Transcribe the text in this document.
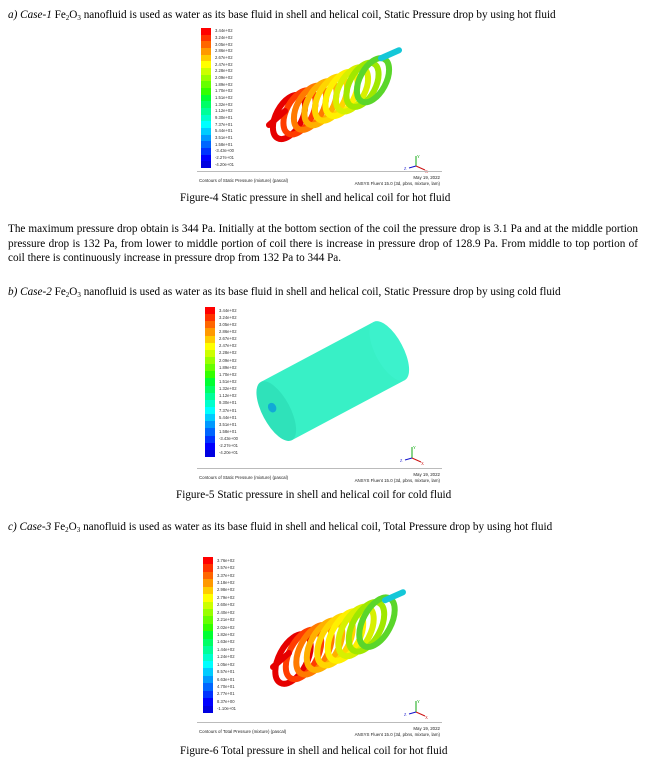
a) Case-1 $Fe_2O_3$ nanofluid is used as water as its base fluid in shell and helical coil, Static Pressure drop by using hot fluid
3.44e+02
3.24e+02
3.05e+02
2.86e+02
2.67e+02
2.47e+02
2.28e+02
2.09e+02
1.89e+02
1.70e+02
1.51e+02
1.32e+02
1.12e+02
9.30e+01
7.37e+01
5.44e+01
3.51e+01
1.58e+01
-3.43e+00
-2.27e+01
-4.20e+01
Y
X
Z
Contours of Static Pressure (mixture) (pascal)
May 19, 2022
ANSYS Fluent 15.0 (3d, pbns, mixture, lam)
Figure-4 Static pressure in shell and helical coil for hot fluid
The maximum pressure drop obtain is 344 Pa. Initially at the bottom section of the coil the pressure drop is 3.1 Pa and at the middle portion pressure drop is 132 Pa, from lower to middle portion of coil there is increase in pressure drop of 128.9 Pa. From middle to top portion of coil there is continuously increase in pressure drop from 132 Pa to 344 Pa.
b) Case-2 $Fe_2O_3$ nanofluid is used as water as its base fluid in shell and helical coil, Static Pressure drop by using cold fluid
3.44e+02
3.24e+02
3.05e+02
2.86e+02
2.67e+02
2.47e+02
2.28e+02
2.09e+02
1.89e+02
1.70e+02
1.51e+02
1.32e+02
1.12e+02
9.30e+01
7.37e+01
5.44e+01
3.51e+01
1.58e+01
-3.43e+00
-2.27e+01
-4.20e+01
Y
X
Z
Contours of Static Pressure (mixture) (pascal)
May 19, 2022
ANSYS Fluent 15.0 (3d, pbns, mixture, lam)
Figure-5 Static pressure in shell and helical coil for cold fluid
c) Case-3 $Fe_2O_3$ nanofluid is used as water as its base fluid in shell and helical coil, Total Pressure drop by using hot fluid
3.76e+02
3.57e+02
3.37e+02
3.18e+02
2.98e+02
2.79e+02
2.60e+02
2.40e+02
2.21e+02
2.02e+02
1.82e+02
1.63e+02
1.44e+02
1.24e+02
1.05e+02
8.57e+01
6.63e+01
4.70e+01
2.77e+01
8.37e+00
-1.10e+01
Y
X
Z
Contours of Total Pressure (mixture) (pascal)
May 19, 2022
ANSYS Fluent 15.0 (3d, pbns, mixture, lam)
Figure-6 Total pressure in shell and helical coil for hot fluid
